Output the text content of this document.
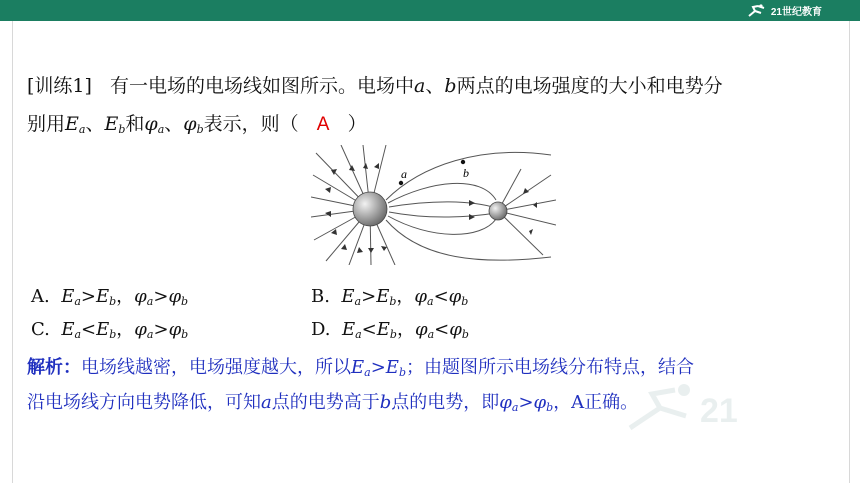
21世纪教育
[训练1]   有一电场的电场线如图所示。电场中a、b两点的电场强度的大小和电势分
别用$E_a$、$E_b$和$\varphi_a$、$\varphi_b$表示，则（ A ）
a	b
A. $E_a>E_b$，$\varphi_a>\varphi_b$	B. $E_a>E_b$，$\varphi_a<\varphi_b$
C. $E_a<E_b$，$\varphi_a>\varphi_b$	D. $E_a<E_b$，$\varphi_a<\varphi_b$
解析：电场线越密，电场强度越大，所以$E_a>E_b$；由题图所示电场线分布特点，结合
沿电场线方向电势降低，可知a点的电势高于b点的电势，即$\varphi_a>\varphi_b$，A正确。 21
